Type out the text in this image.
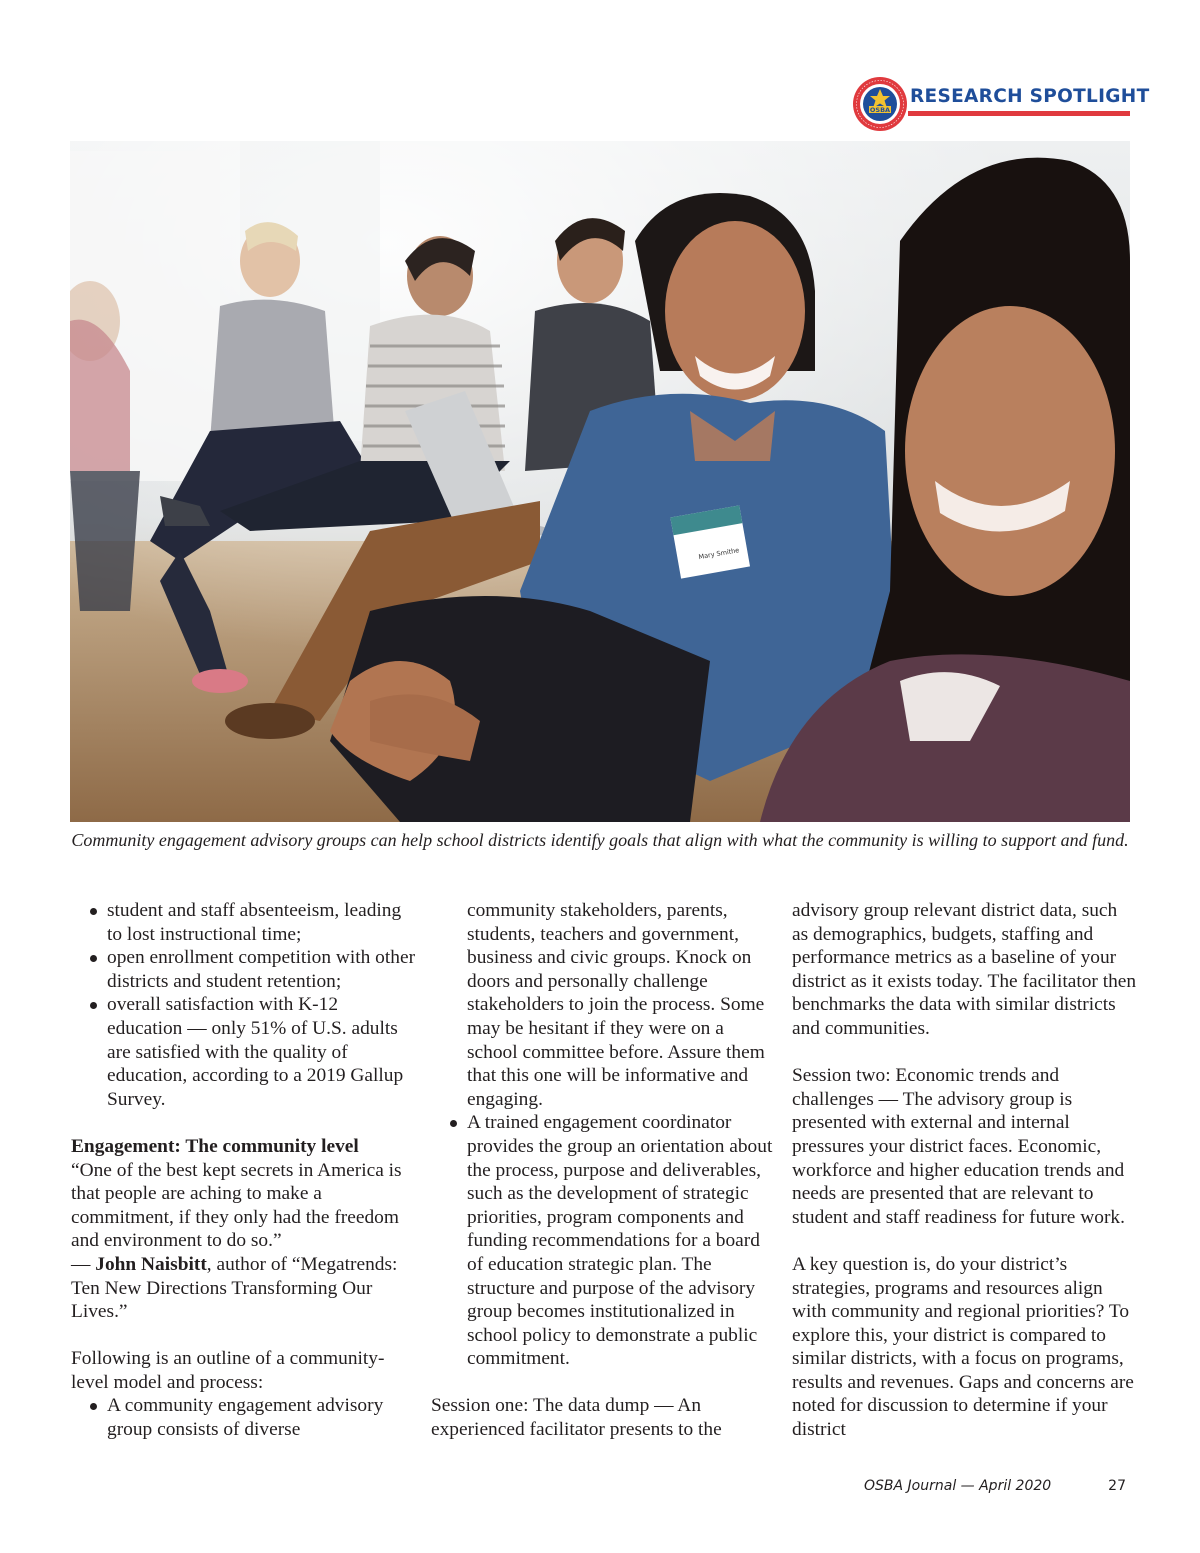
OSBA
RESEARCH SPOTLIGHT
Mary Smithe
Community engagement advisory groups can help school districts identify goals that align with what the community is willing to support and fund.
student and staff absenteeism, leading to lost instructional time;
open enrollment competition with other districts and student retention;
overall satisfaction with K-12 education — only 51% of U.S. adults are satisfied with the quality of education, according to a 2019 Gallup Survey.

Engagement: The community level

“One of the best kept secrets in America is that people are aching to make a commitment, if they only had the freedom and environment to do so.”

— John Naisbitt, author of “Megatrends: Ten New Directions Transforming Our Lives.”

Following is an outline of a community-level model and process:

A community engagement advisory group consists of diverse

community stakeholders, parents, students, teachers and government, business and civic groups. Knock on doors and personally challenge stakeholders to join the process. Some may be hesitant if they were on a school committee before. Assure them that this one will be informative and engaging.

A trained engagement coordinator provides the group an orientation about the process, purpose and deliverables, such as the development of strategic priorities, program components and funding recommendations for a board of education strategic plan. The structure and purpose of the advisory group becomes institutionalized in school policy to demonstrate a public commitment.

Session one: The data dump — An experienced facilitator presents to the

advisory group relevant district data, such as demographics, budgets, staffing and performance metrics as a baseline of your district as it exists today. The facilitator then benchmarks the data with similar districts and communities.

Session two: Economic trends and challenges — The advisory group is presented with external and internal pressures your district faces. Economic, workforce and higher education trends and needs are presented that are relevant to student and staff readiness for future work.

A key question is, do your district’s strategies, programs and resources align with community and regional priorities? To explore this, your district is compared to similar districts, with a focus on programs, results and revenues. Gaps and concerns are noted for discussion to determine if your district

OSBA Journal — April 2020	27
